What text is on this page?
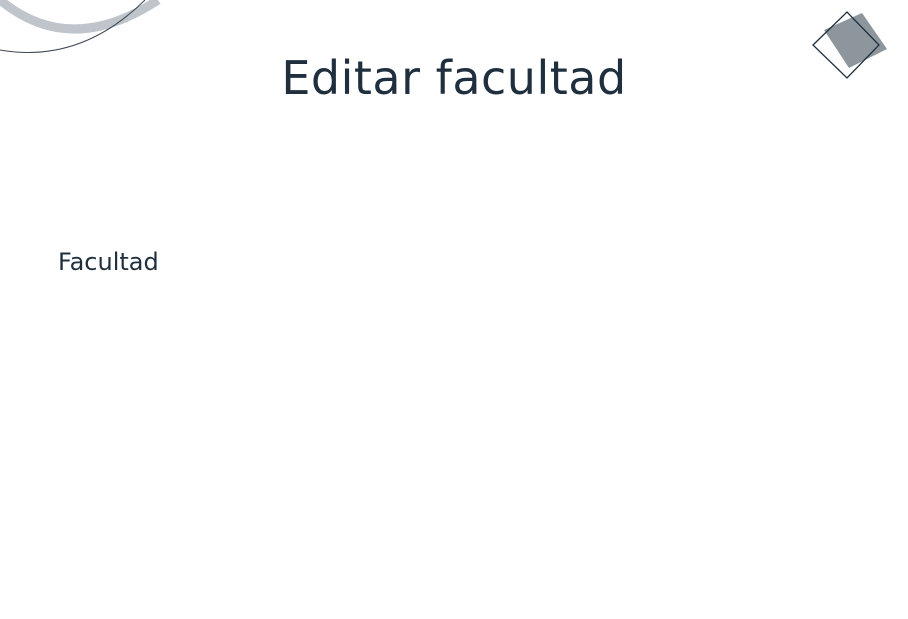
Editar facultad
Facultad
